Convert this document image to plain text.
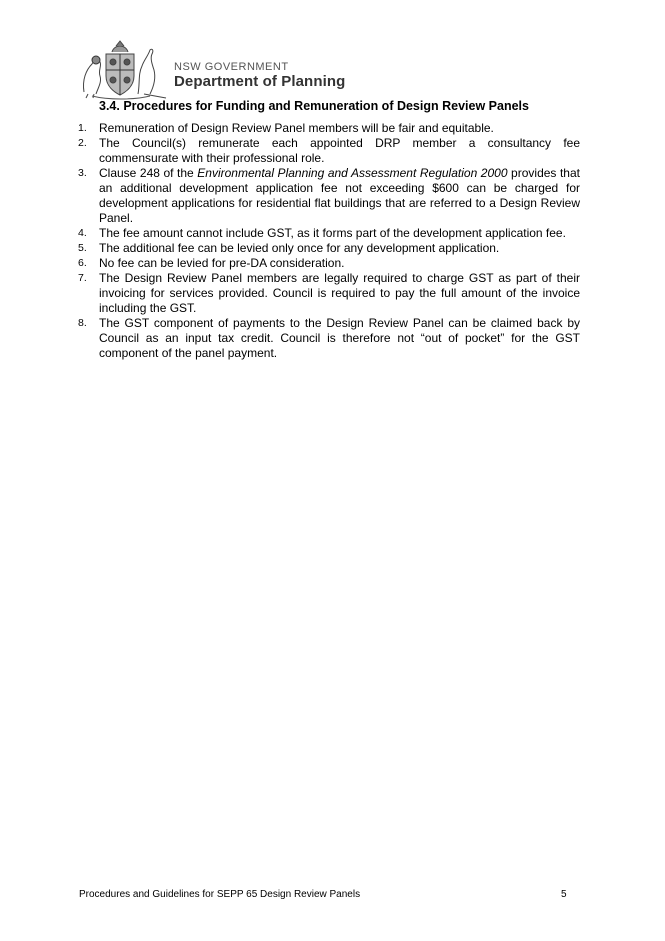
NSW GOVERNMENT
Department of Planning
3.4. Procedures for Funding and Remuneration of Design Review Panels
1. Remuneration of Design Review Panel members will be fair and equitable.
2. The Council(s) remunerate each appointed DRP member a consultancy fee commensurate with their professional role.
3. Clause 248 of the Environmental Planning and Assessment Regulation 2000 provides that an additional development application fee not exceeding $600 can be charged for development applications for residential flat buildings that are referred to a Design Review Panel.
4. The fee amount cannot include GST, as it forms part of the development application fee.
5. The additional fee can be levied only once for any development application.
6. No fee can be levied for pre-DA consideration.
7. The Design Review Panel members are legally required to charge GST as part of their invoicing for services provided. Council is required to pay the full amount of the invoice including the GST.
8. The GST component of payments to the Design Review Panel can be claimed back by Council as an input tax credit. Council is therefore not “out of pocket” for the GST component of the panel payment.
Procedures and Guidelines for SEPP 65 Design Review Panels	5
